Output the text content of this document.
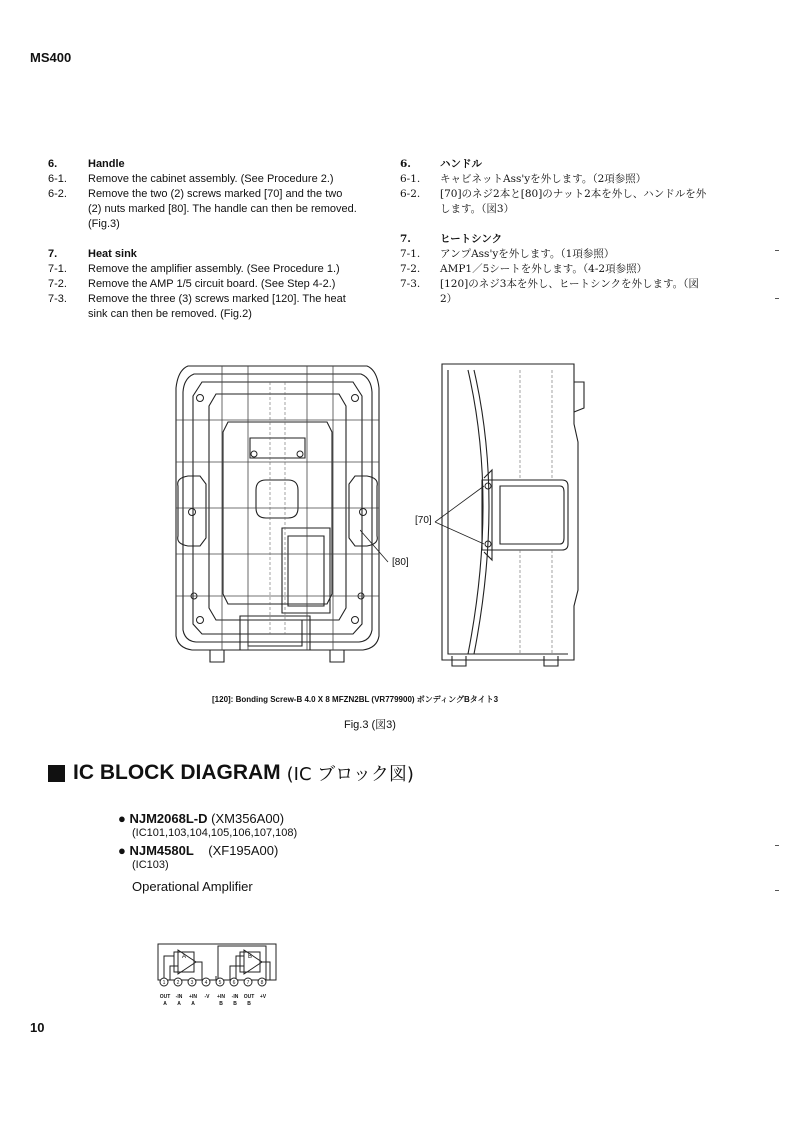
MS400
6.	Handle
6-1.	Remove the cabinet assembly. (See Procedure 2.)
6-2.	Remove the two (2) screws marked [70] and the two (2) nuts marked [80]. The handle can then be removed. (Fig.3)
7.	Heat sink
7-1.	Remove the amplifier assembly. (See Procedure 1.)
7-2.	Remove the AMP 1/5 circuit board. (See Step 4-2.)
7-3.	Remove the three (3) screws marked [120]. The heat sink can then be removed. (Fig.2)
6.	ハンドル
6-1.	キャビネットAss'yを外します。（2項参照）
6-2.	[70]のネジ2本と[80]のナット2本を外し、ハンドルを外します。（図3）
7.	ヒートシンク
7-1.	アンプAss'yを外します。（1項参照）
7-2.	AMP1／5シートを外します。（4-2項参照）
7-3.	[120]のネジ3本を外し、ヒートシンクを外します。（図2）
[70]
[80]
[120]: Bonding Screw-B 4.0 X 8 MFZN2BL (VR779900) ボンディングBタイト3
Fig.3 (図3)
IC BLOCK DIAGRAM (IC ブロック図)
● NJM2068L-D (XM356A00)
(IC101,103,104,105,106,107,108)
● NJM4580L (XF195A00)
(IC103)
Operational Amplifier
1 2 3 4 5 6 7 8
A	B
OUT	-IN	+IN	-V	+IN	-IN	OUT	+V
A	A	A	B	B	B
10
